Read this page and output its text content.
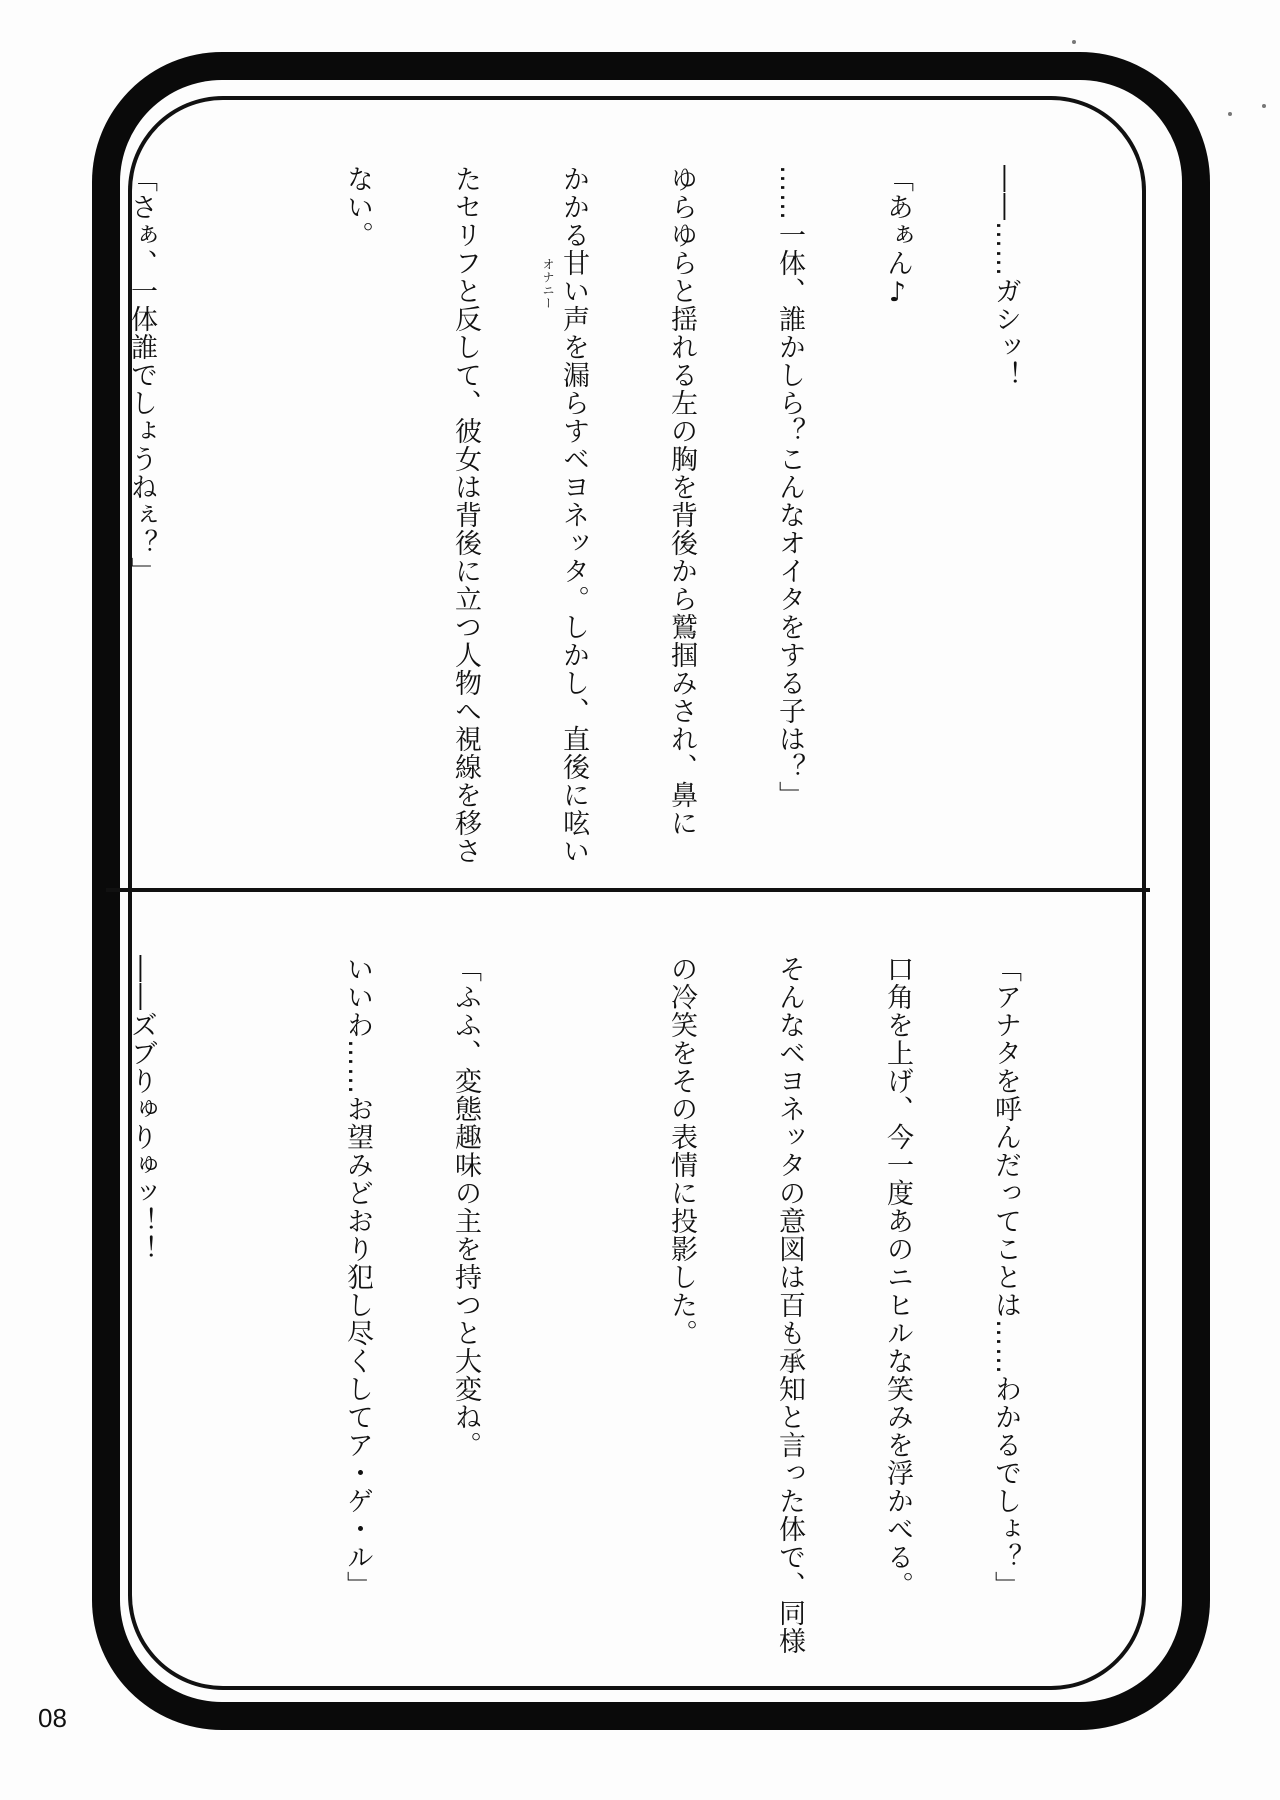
――……ガシッ！

「あぁん♪

……一体、誰かしら？こんなオイタをする子は？」

ゆらゆらと揺れる左の胸を背後から鷲掴みされ、鼻に

かかる甘い声を漏らすベヨネッタ。しかし、直後に呟い

たセリフと反して、彼女は背後に立つ人物へ視線を移さ

ない。

「さぁ、一体誰でしょうねぇ？」

	オナニー

「アナタを呼んだってことは……わかるでしょ？」

口角を上げ、今一度あのニヒルな笑みを浮かべる。

そんなベヨネッタの意図は百も承知と言った体で、同様

の冷笑をその表情に投影した。

「ふふ、変態趣味の主を持つと大変ね。

いいわ……お望みどおり犯し尽くしてア・ゲ・ル」

――ズブりゅりゅッ！！

08
